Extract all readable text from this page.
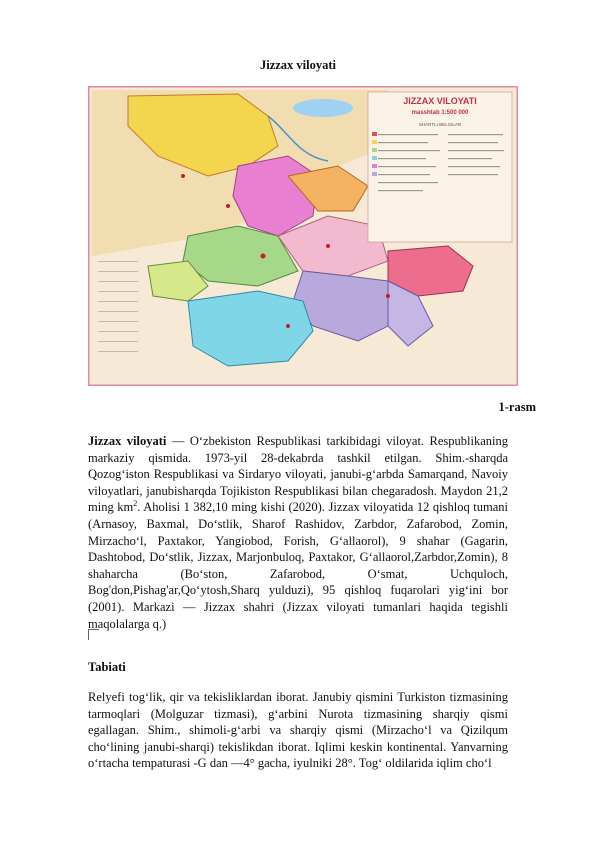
Jizzax viloyati
JIZZAX VILOYATI
masshtab 1:500 000
SHARTLI BELGILAR
1-rasm

Jizzax viloyati — O‘zbekiston Respublikasi tarkibidagi viloyat. Respublikaning markaziy qismida. 1973-yil 28-dekabrda tashkil etilgan. Shim.-sharqda Qozog‘iston Respublikasi va Sirdaryo viloyati, janubi-g‘arbda Samarqand, Navoiy viloyatlari, janubisharqda Tojikiston Respublikasi bilan chegaradosh. Maydon 21,2 ming $km^2$. Aholisi 1 382,10 ming kishi (2020). Jizzax viloyatida 12 qishloq tumani (Arnasoy, Baxmal, Do‘stlik, Sharof Rashidov, Zarbdor, Zafarobod, Zomin, Mirzacho‘l, Paxtakor, Yangiobod, Forish, G‘allaorol), 9 shahar (Gagarin, Dashtobod, Do‘stlik, Jizzax, Marjonbuloq, Paxtakor, G‘allaorol,Zarbdor,Zomin), 8 shaharcha (Bo‘ston, Zafarobod, O‘smat, Uchquloch, Bog'don,Pishag'ar,Qo‘ytosh,Sharq yulduzi), 95 qishloq fuqarolari yig‘ini bor (2001). Markazi — Jizzax shahri (Jizzax viloyati tumanlari haqida tegishli maqolalarga q.)

Tabiati

Relyefi tog‘lik, qir va tekisliklardan iborat. Janubiy qismini Turkiston tizmasining tarmoqlari (Molguzar tizmasi), g‘arbini Nurota tizmasining sharqiy qismi egallagan. Shim., shimoli-g‘arbi va sharqiy qismi (Mirzacho‘l va Qizilqum cho‘lining janubi-sharqi) tekislikdan iborat. Iqlimi keskin kontinental. Yanvarning o‘rtacha tempaturasi -G dan —4° gacha, iyulniki 28°. Tog‘ oldilarida iqlim cho‘l
